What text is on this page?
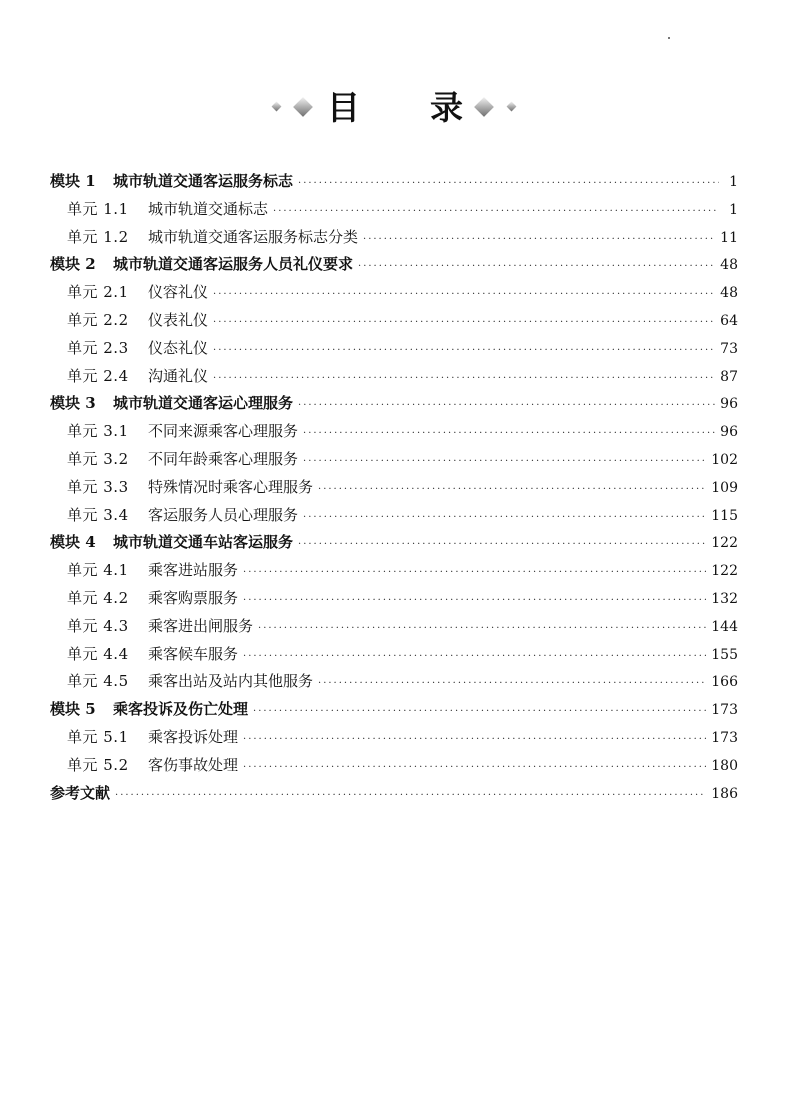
目 录
模块 1	城市轨道交通客运服务标志 ·····	1
单元 1.1	城市轨道交通标志 ·····	1
单元 1.2	城市轨道交通客运服务标志分类 ·····	11
模块 2	城市轨道交通客运服务人员礼仪要求 ·····	48
单元 2.1	仪容礼仪 ·····	48
单元 2.2	仪表礼仪 ·····	64
单元 2.3	仪态礼仪 ·····	73
单元 2.4	沟通礼仪 ·····	87
模块 3	城市轨道交通客运心理服务 ·····	96
单元 3.1	不同来源乘客心理服务 ·····	96
单元 3.2	不同年龄乘客心理服务 ·····	102
单元 3.3	特殊情况时乘客心理服务 ·····	109
单元 3.4	客运服务人员心理服务 ·····	115
模块 4	城市轨道交通车站客运服务 ·····	122
单元 4.1	乘客进站服务 ·····	122
单元 4.2	乘客购票服务 ·····	132
单元 4.3	乘客进出闸服务 ·····	144
单元 4.4	乘客候车服务 ·····	155
单元 4.5	乘客出站及站内其他服务 ·····	166
模块 5	乘客投诉及伤亡处理 ·····	173
单元 5.1	乘客投诉处理 ·····	173
单元 5.2	客伤事故处理 ·····	180
参考文献 ·····	186
